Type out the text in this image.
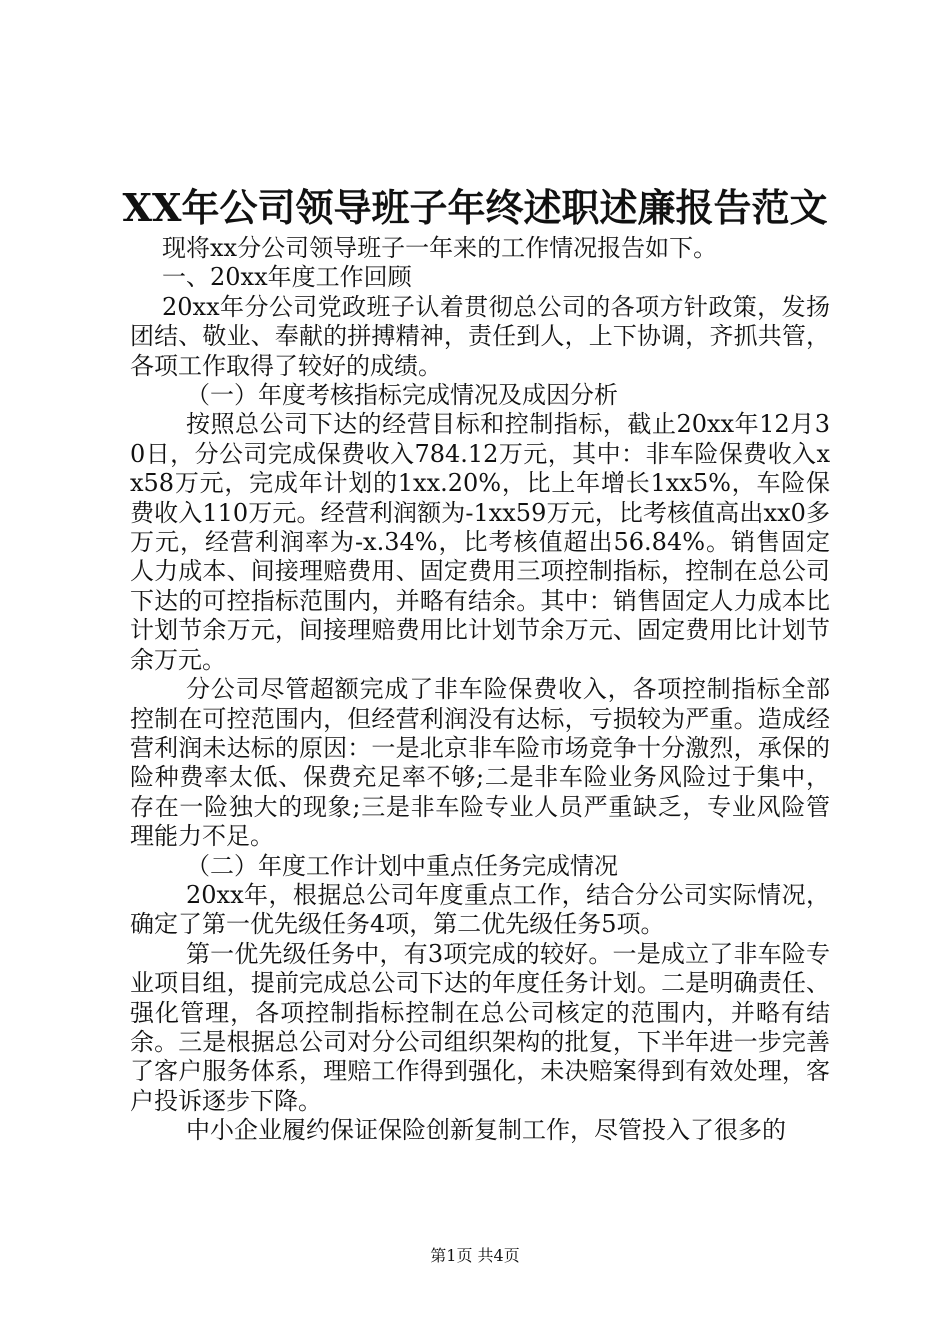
XX年公司领导班子年终述职述廉报告范文

现将xx分公司领导班子一年来的工作情况报告如下。

一、20xx年度工作回顾

20xx年分公司党政班子认着贯彻总公司的各项方针政策，发扬团结、敬业、奉献的拼搏精神，责任到人，上下协调，齐抓共管，各项工作取得了较好的成绩。

（一）年度考核指标完成情况及成因分析

按照总公司下达的经营目标和控制指标，截止20xx年12月30日，分公司完成保费收入784.12万元，其中：非车险保费收入xx58万元，完成年计划的1xx.20%，比上年增长1xx5%，车险保费收入110万元。经营利润额为-1xx59万元，比考核值高出xx0多万元，经营利润率为-x.34%，比考核值超出56.84%。销售固定人力成本、间接理赔费用、固定费用三项控制指标，控制在总公司下达的可控指标范围内，并略有结余。其中：销售固定人力成本比计划节余万元，间接理赔费用比计划节余万元、固定费用比计划节余万元。

分公司尽管超额完成了非车险保费收入，各项控制指标全部控制在可控范围内，但经营利润没有达标，亏损较为严重。造成经营利润未达标的原因：一是北京非车险市场竞争十分激烈，承保的险种费率太低、保费充足率不够;二是非车险业务风险过于集中，存在一险独大的现象;三是非车险专业人员严重缺乏，专业风险管理能力不足。

（二）年度工作计划中重点任务完成情况

20xx年，根据总公司年度重点工作，结合分公司实际情况，确定了第一优先级任务4项，第二优先级任务5项。

第一优先级任务中，有3项完成的较好。一是成立了非车险专业项目组，提前完成总公司下达的年度任务计划。二是明确责任、强化管理，各项控制指标控制在总公司核定的范围内，并略有结余。三是根据总公司对分公司组织架构的批复，下半年进一步完善了客户服务体系，理赔工作得到强化，未决赔案得到有效处理，客户投诉逐步下降。

中小企业履约保证保险创新复制工作，尽管投入了很多的

第1页 共4页
